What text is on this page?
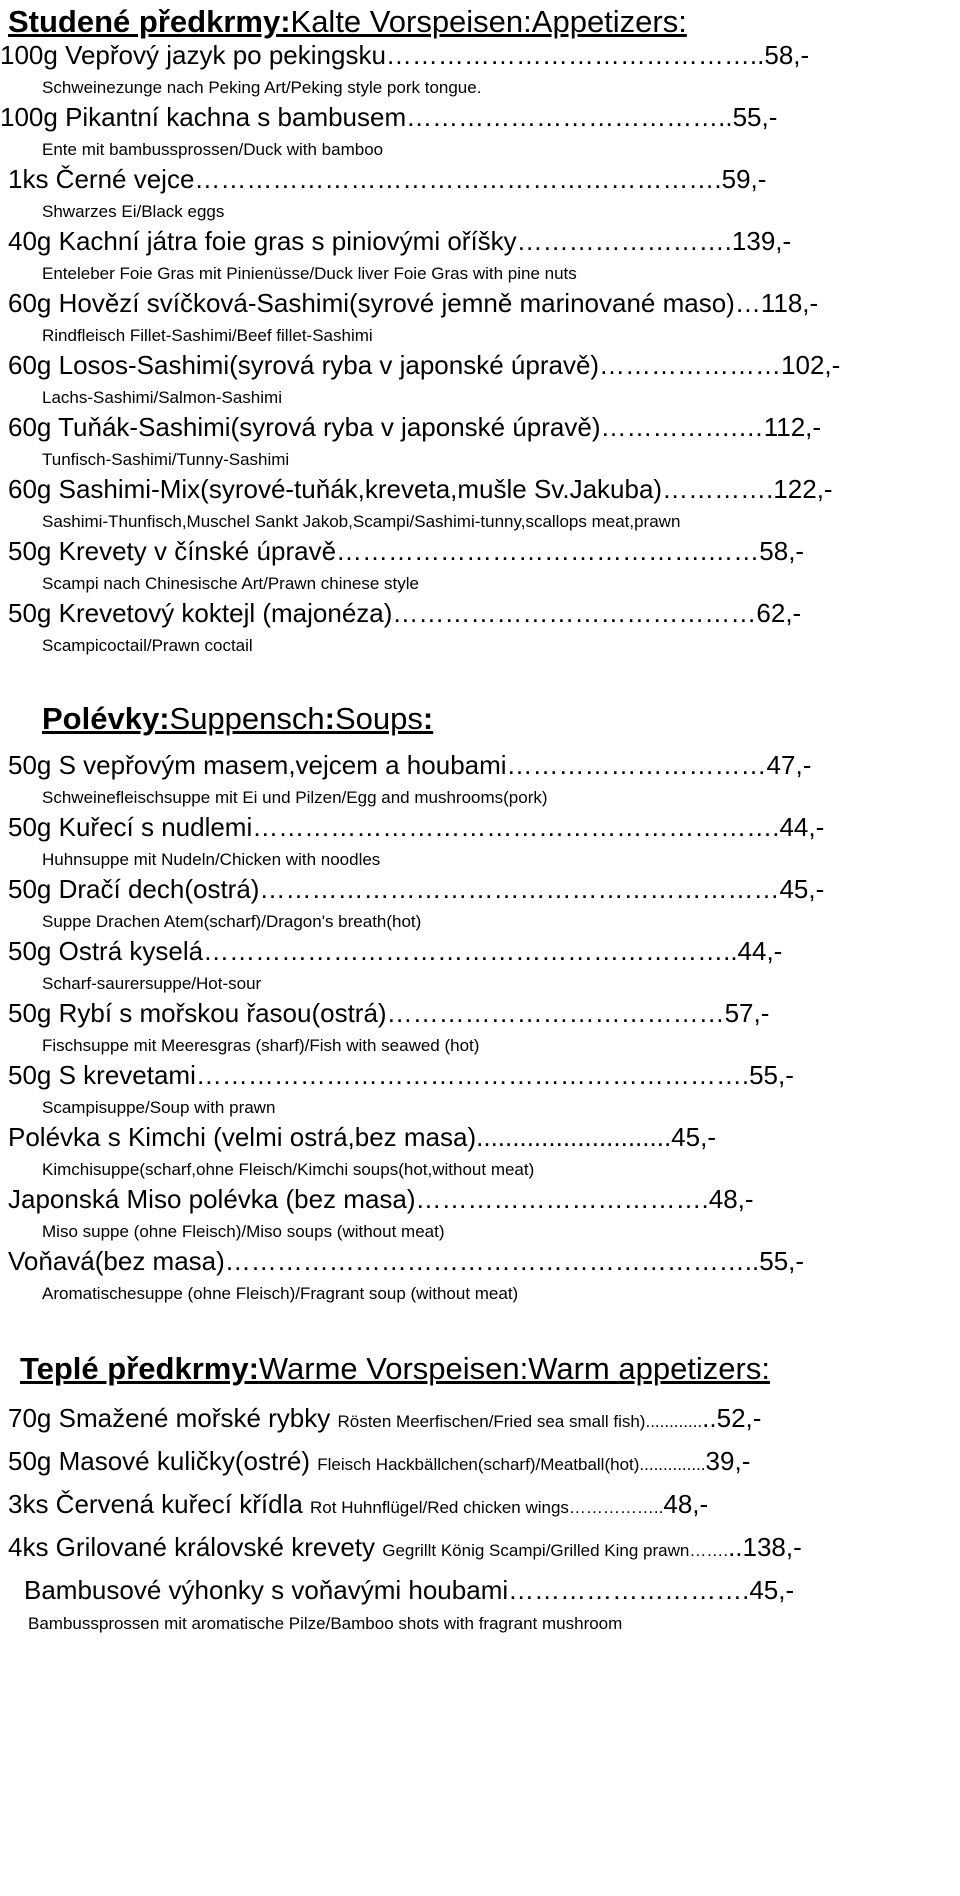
Studené předkrmy:Kalte Vorspeisen:Appetizers:
100g Vepřový jazyk po pekingsku……………………………………..58,-
Schweinezunge nach Peking Art/Peking style pork tongue.
100g Pikantní kachna s bambusem………………………………..55,-
Ente mit bambussprossen/Duck with bamboo
1ks Černé vejce…………………………………………………….59,-
Shwarzes Ei/Black eggs
40g Kachní játra foie gras s piniovými oříšky…………………….139,-
Enteleber Foie Gras mit Pinienüsse/Duck liver Foie Gras with pine nuts
60g Hovězí svíčková-Sashimi(syrové jemně marinované maso)…118,-
Rindfleisch Fillet-Sashimi/Beef fillet-Sashimi
60g Losos-Sashimi(syrová ryba v japonské úpravě)…………………102,-
Lachs-Sashimi/Salmon-Sashimi
60g Tuňák-Sashimi(syrová ryba v japonské úpravě)…………….…112,-
Tunfisch-Sashimi/Tunny-Sashimi
60g Sashimi-Mix(syrové-tuňák,kreveta,mušle Sv.Jakuba)………….122,-
Sashimi-Thunfisch,Muschel Sankt Jakob,Scampi/Sashimi-tunny,scallops meat,prawn
50g Krevety v čínské úpravě…………………………………….……58,-
Scampi nach Chinesische Art/Prawn chinese style
50g Krevetový koktejl (majonéza)……………………………………62,-
Scampicoctail/Prawn coctail
Polévky:Suppensch:Soups:
50g S vepřovým masem,vejcem a houbami…………………………47,-
Schweinefleischsuppe mit Ei und Pilzen/Egg and mushrooms(pork)
50g Kuřecí s nudlemi…………………………………………………….44,-
Huhnsuppe mit Nudeln/Chicken with noodles
50g Dračí dech(ostrá)……………………………………………………45,-
Suppe Drachen Atem(scharf)/Dragon's breath(hot)
50g Ostrá kyselá……………………………………………………..44,-
Scharf-saurersuppe/Hot-sour
50g Rybí s mořskou řasou(ostrá)…………………………………57,-
Fischsuppe mit Meeresgras (sharf)/Fish with seawed (hot)
50g S krevetami……………………………………………………….55,-
Scampisuppe/Soup with prawn
Polévka s Kimchi (velmi ostrá,bez masa)...........................45,-
Kimchisuppe(scharf,ohne Fleisch/Kimchi soups(hot,without meat)
Japonská Miso polévka (bez masa)…………………………….48,-
Miso suppe (ohne Fleisch)/Miso soups (without meat)
Voňavá(bez masa)……………………………………………………..55,-
Aromatischesuppe (ohne Fleisch)/Fragrant soup (without meat)
Teplé předkrmy:Warme Vorspeisen:Warm appetizers:
70g Smažené mořské rybky Rösten Meerfischen/Fried sea small fish)..............52,-
50g Masové kuličky(ostré) Fleisch Hackbällchen(scharf)/Meatball(hot)..............39,-
3ks Červená kuřecí křídla Rot Huhnflügel/Red chicken wings……………..48,-
4ks Grilované královské krevety Gegrillt König Scampi/Grilled King prawn……...138,-
Bambusové výhonky s voňavými houbami……………………….45,-
Bambussprossen mit aromatische Pilze/Bamboo shots with fragrant mushroom
